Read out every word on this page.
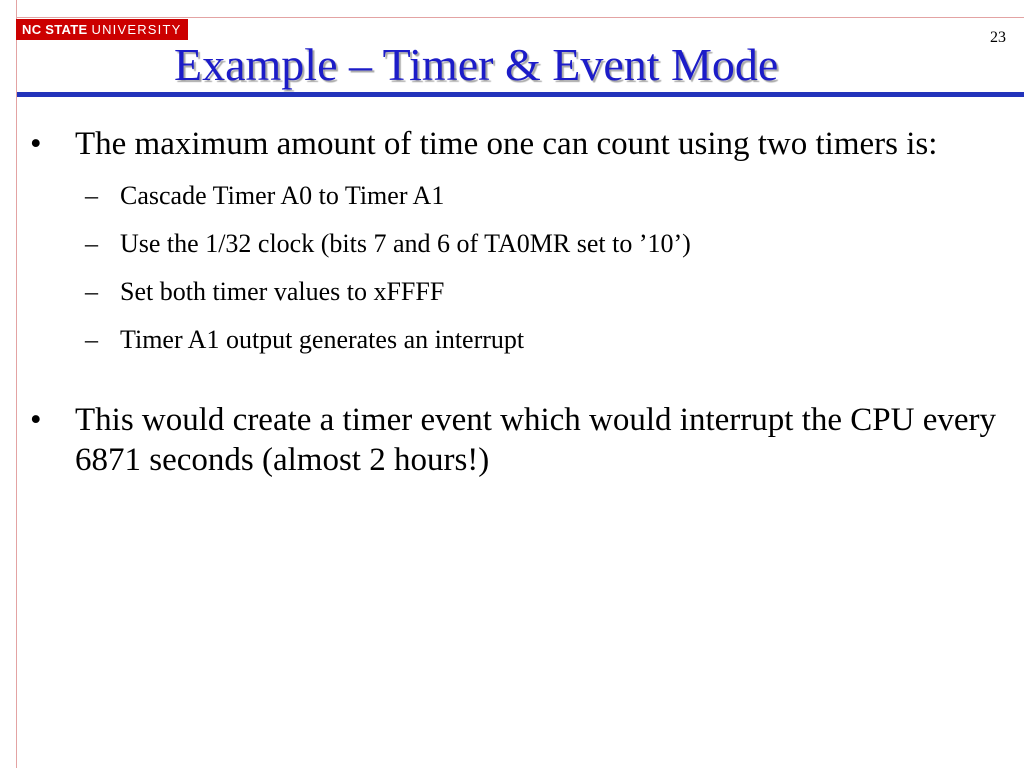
NC STATE UNIVERSITY	23
Example – Timer & Event Mode
• The maximum amount of time one can count using two timers is:
– Cascade Timer A0 to Timer A1
– Use the 1/32 clock (bits 7 and 6 of TA0MR set to ’10’)
– Set both timer values to xFFFF
– Timer A1 output generates an interrupt
• This would create a timer event which would interrupt the CPU every 6871 seconds (almost 2 hours!)
